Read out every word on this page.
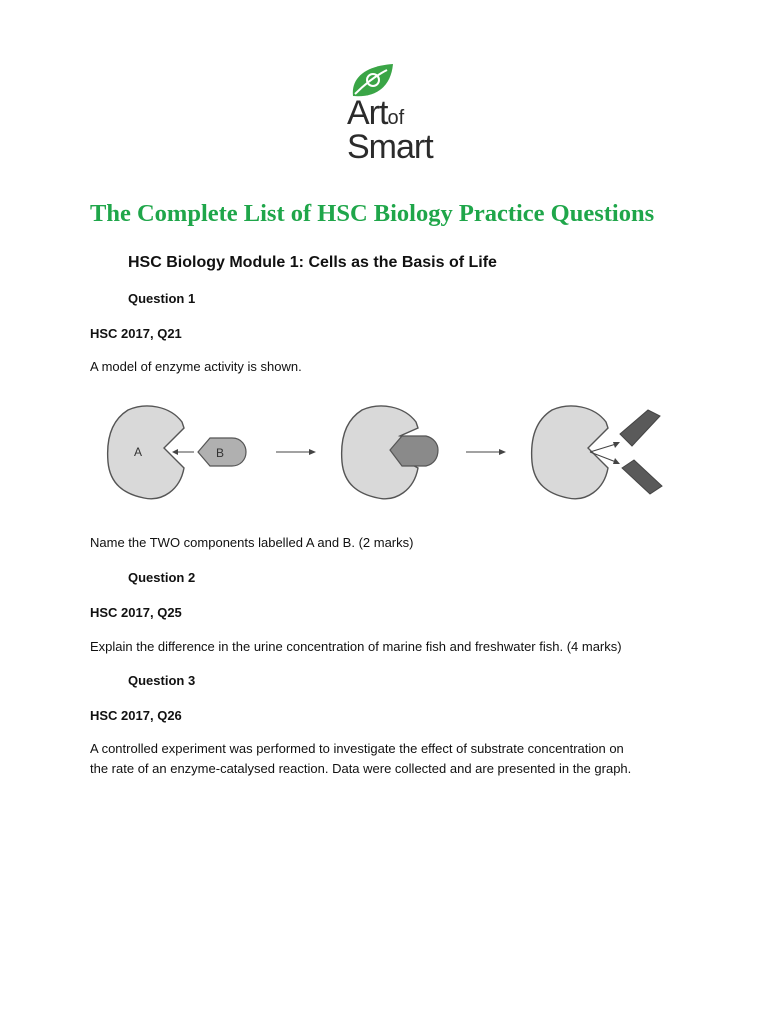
Artof
Smart
The Complete List of HSC Biology Practice Questions
HSC Biology Module 1: Cells as the Basis of Life
Question 1
HSC 2017, Q21
A model of enzyme activity is shown.
A	B
Name the TWO components labelled A and B. (2 marks)
Question 2
HSC 2017, Q25
Explain the difference in the urine concentration of marine fish and freshwater fish. (4 marks)
Question 3
HSC 2017, Q26
A controlled experiment was performed to investigate the effect of substrate concentration on
the rate of an enzyme-catalysed reaction. Data were collected and are presented in the graph.
